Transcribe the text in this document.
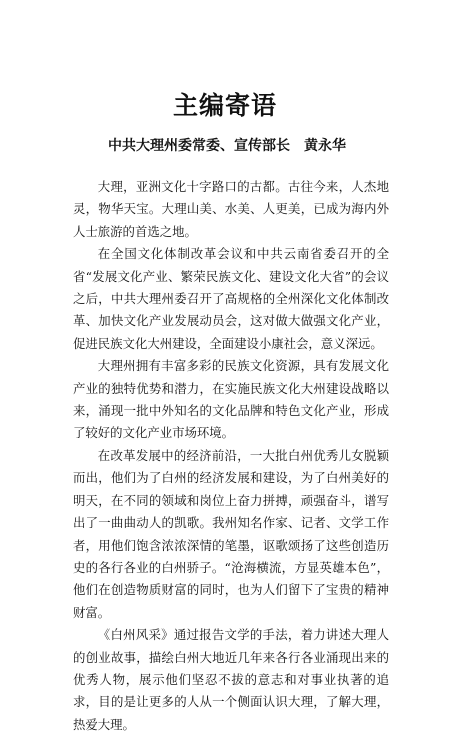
主编寄语
中共大理州委常委、宣传部长 黄永华

大理，亚洲文化十字路口的古都。古往今来，人杰地灵，物华天宝。大理山美、水美、人更美，已成为海内外人士旅游的首选之地。

在全国文化体制改革会议和中共云南省委召开的全省“发展文化产业、繁荣民族文化、建设文化大省”的会议之后，中共大理州委召开了高规格的全州深化文化体制改革、加快文化产业发展动员会，这对做大做强文化产业，促进民族文化大州建设，全面建设小康社会，意义深远。

大理州拥有丰富多彩的民族文化资源，具有发展文化产业的独特优势和潜力，在实施民族文化大州建设战略以来，涌现一批中外知名的文化品牌和特色文化产业，形成了较好的文化产业市场环境。

在改革发展中的经济前沿，一大批白州优秀儿女脱颖而出，他们为了白州的经济发展和建设，为了白州美好的明天，在不同的领域和岗位上奋力拼搏，顽强奋斗，谱写出了一曲曲动人的凯歌。我州知名作家、记者、文学工作者，用他们饱含浓浓深情的笔墨，讴歌颂扬了这些创造历史的各行各业的白州骄子。“沧海横流，方显英雄本色”，他们在创造物质财富的同时，也为人们留下了宝贵的精神财富。

《白州风采》通过报告文学的手法，着力讲述大理人的创业故事，描绘白州大地近几年来各行各业涌现出来的优秀人物，展示他们坚忍不拔的意志和对事业执著的追求，目的是让更多的人从一个侧面认识大理，了解大理，热爱大理。
